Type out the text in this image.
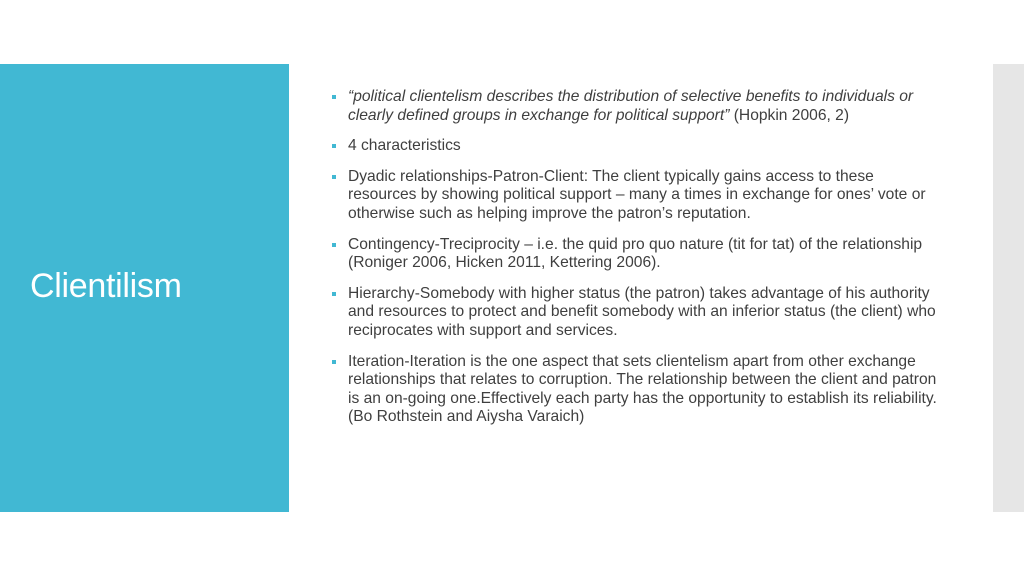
Clientilism
“political clientelism describes the distribution of selective benefits to individuals or clearly defined groups in exchange for political support” (Hopkin 2006, 2)
4 characteristics
Dyadic relationships-Patron-Client: The client typically gains access to these resources by showing political support – many a times in exchange for ones’ vote or otherwise such as helping improve the patron’s reputation.
Contingency-Treciprocity – i.e. the quid pro quo nature (tit for tat) of the relationship (Roniger 2006, Hicken 2011, Kettering 2006).
Hierarchy-Somebody with higher status (the patron) takes advantage of his authority and resources to protect and benefit somebody with an inferior status (the client) who reciprocates with support and services.
Iteration-Iteration is the one aspect that sets clientelism apart from other exchange relationships that relates to corruption. The relationship between the client and patron is an on-going one.Effectively each party has the opportunity to establish its reliability. (Bo Rothstein and Aiysha Varaich)
